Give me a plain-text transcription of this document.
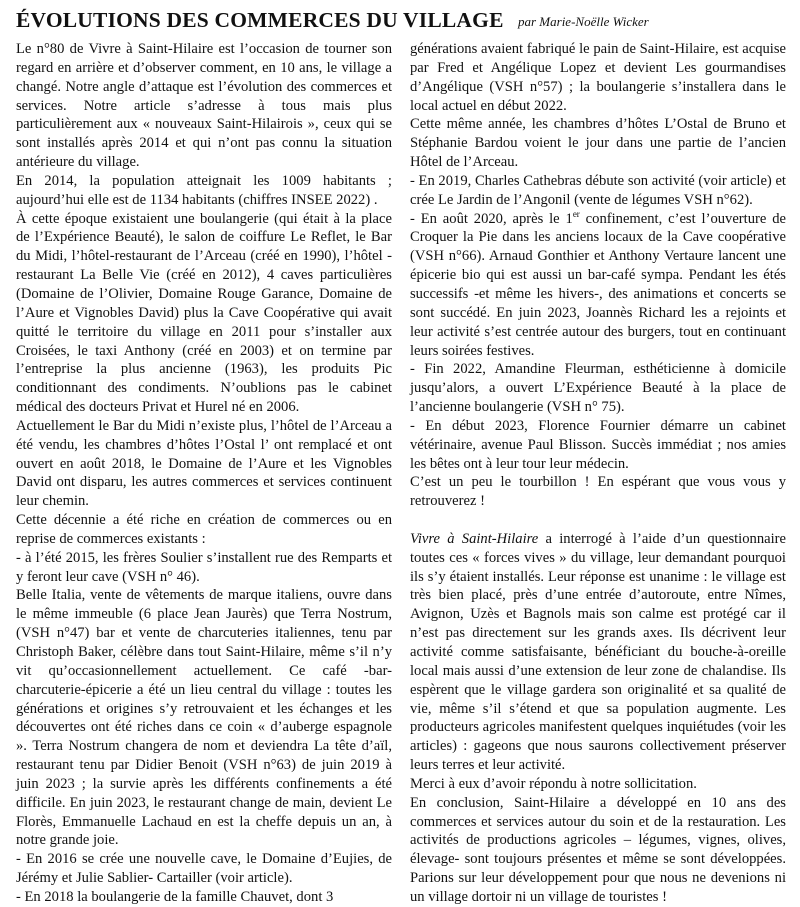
ÉVOLUTIONS DES COMMERCES DU VILLAGE par Marie-Noëlle Wicker

Le n°80 de Vivre à Saint-Hilaire est l’occasion de tourner son regard en arrière et d’observer comment, en 10 ans, le village a changé. Notre angle d’attaque est l’évolution des commerces et services. Notre article s’adresse à tous mais plus particulièrement aux « nouveaux Saint-Hilairois », ceux qui se sont installés après 2014 et qui n’ont pas connu la situation antérieure du village.

En 2014, la population atteignait les 1009 habitants ; aujourd’hui elle est de 1134 habitants (chiffres INSEE 2022) .

À cette époque existaient une boulangerie (qui était à la place de l’Expérience Beauté), le salon de coiffure Le Reflet, le Bar du Midi, l’hôtel-restaurant de l’Arceau (créé en 1990), l’hôtel -restaurant La Belle Vie (créé en 2012), 4 caves particulières (Domaine de l’Olivier, Domaine Rouge Garance, Domaine de l’Aure et Vignobles David) plus la Cave Coopérative qui avait quitté le territoire du village en 2011 pour s’installer aux Croisées, le taxi Anthony (créé en 2003) et on termine par l’entreprise la plus ancienne (1963), les produits Pic conditionnant des condiments. N’oublions pas le cabinet médical des docteurs Privat et Hurel né en 2006.

Actuellement le Bar du Midi n’existe plus, l’hôtel de l’Arceau a été vendu, les chambres d’hôtes l’Ostal l’ ont remplacé et ont ouvert en août 2018, le Domaine de l’Aure et les Vignobles David ont disparu, les autres commerces et services continuent leur chemin.

Cette décennie a été riche en création de commerces ou en reprise de commerces existants :

- à l’été 2015, les frères Soulier s’installent rue des Remparts et y feront leur cave (VSH n° 46).

Belle Italia, vente de vêtements de marque italiens, ouvre dans le même immeuble (6 place Jean Jaurès) que Terra Nostrum, (VSH n°47) bar et vente de charcuteries italiennes, tenu par Christoph Baker, célèbre dans tout Saint-Hilaire, même s’il n’y vit qu’occasionnellement actuellement. Ce café -bar-charcuterie-épicerie a été un lieu central du village : toutes les générations et origines s’y retrouvaient et les échanges et les découvertes ont été riches dans ce coin « d’auberge espagnole ». Terra Nostrum changera de nom et deviendra La tête d’aïl, restaurant tenu par Didier Benoit (VSH n°63) de juin 2019 à juin 2023 ; la survie après les différents confinements a été difficile. En juin 2023, le restaurant change de main, devient Le Florès, Emmanuelle Lachaud en est la cheffe depuis un an, à notre grande joie.

- En 2016 se crée une nouvelle cave, le Domaine d’Eujies, de Jérémy et Julie Sablier- Cartailler (voir article).

- En 2018 la boulangerie de la famille Chauvet, dont 3

générations avaient fabriqué le pain de Saint-Hilaire, est acquise par Fred et Angélique Lopez et devient Les gourmandises d’Angélique (VSH n°57) ; la boulangerie s’installera dans le local actuel en début 2022.

Cette même année, les chambres d’hôtes L’Ostal de Bruno et Stéphanie Bardou voient le jour dans une partie de l’ancien Hôtel de l’Arceau.

- En 2019, Charles Cathebras débute son activité (voir article) et crée Le Jardin de l’Angonil (vente de légumes VSH n°62).

- En août 2020, après le 1er confinement, c’est l’ouverture de Croquer la Pie dans les anciens locaux de la Cave coopérative (VSH n°66). Arnaud Gonthier et Anthony Vertaure lancent une épicerie bio qui est aussi un bar-café sympa. Pendant les étés successifs -et même les hivers-, des animations et concerts se sont succédé. En juin 2023, Joannès Richard les a rejoints et leur activité s’est centrée autour des burgers, tout en continuant leurs soirées festives.

- Fin 2022, Amandine Fleurman, esthéticienne à domicile jusqu’alors, a ouvert L’Expérience Beauté à la place de l’ancienne boulangerie (VSH n° 75).

- En début 2023, Florence Fournier démarre un cabinet vétérinaire, avenue Paul Blisson. Succès immédiat ; nos amies les bêtes ont à leur tour leur médecin.

C’est un peu le tourbillon ! En espérant que vous vous y retrouverez !

Vivre à Saint-Hilaire a interrogé à l’aide d’un questionnaire toutes ces « forces vives » du village, leur demandant pourquoi ils s’y étaient installés. Leur réponse est unanime : le village est très bien placé, près d’une entrée d’autoroute, entre Nîmes, Avignon, Uzès et Bagnols mais son calme est protégé car il n’est pas directement sur les grands axes. Ils décrivent leur activité comme satisfaisante, bénéficiant du bouche-à-oreille local mais aussi d’une extension de leur zone de chalandise. Ils espèrent que le village gardera son originalité et sa qualité de vie, même s’il s’étend et que sa population augmente. Les producteurs agricoles manifestent quelques inquiétudes (voir les articles) : gageons que nous saurons collectivement préserver leurs terres et leur activité.

Merci à eux d’avoir répondu à notre sollicitation.

En conclusion, Saint-Hilaire a développé en 10 ans des commerces et services autour du soin et de la restauration. Les activités de productions agricoles – légumes, vignes, olives, élevage- sont toujours présentes et même se sont développées. Parions sur leur développement pour que nous ne devenions ni un village dortoir ni un village de touristes !
